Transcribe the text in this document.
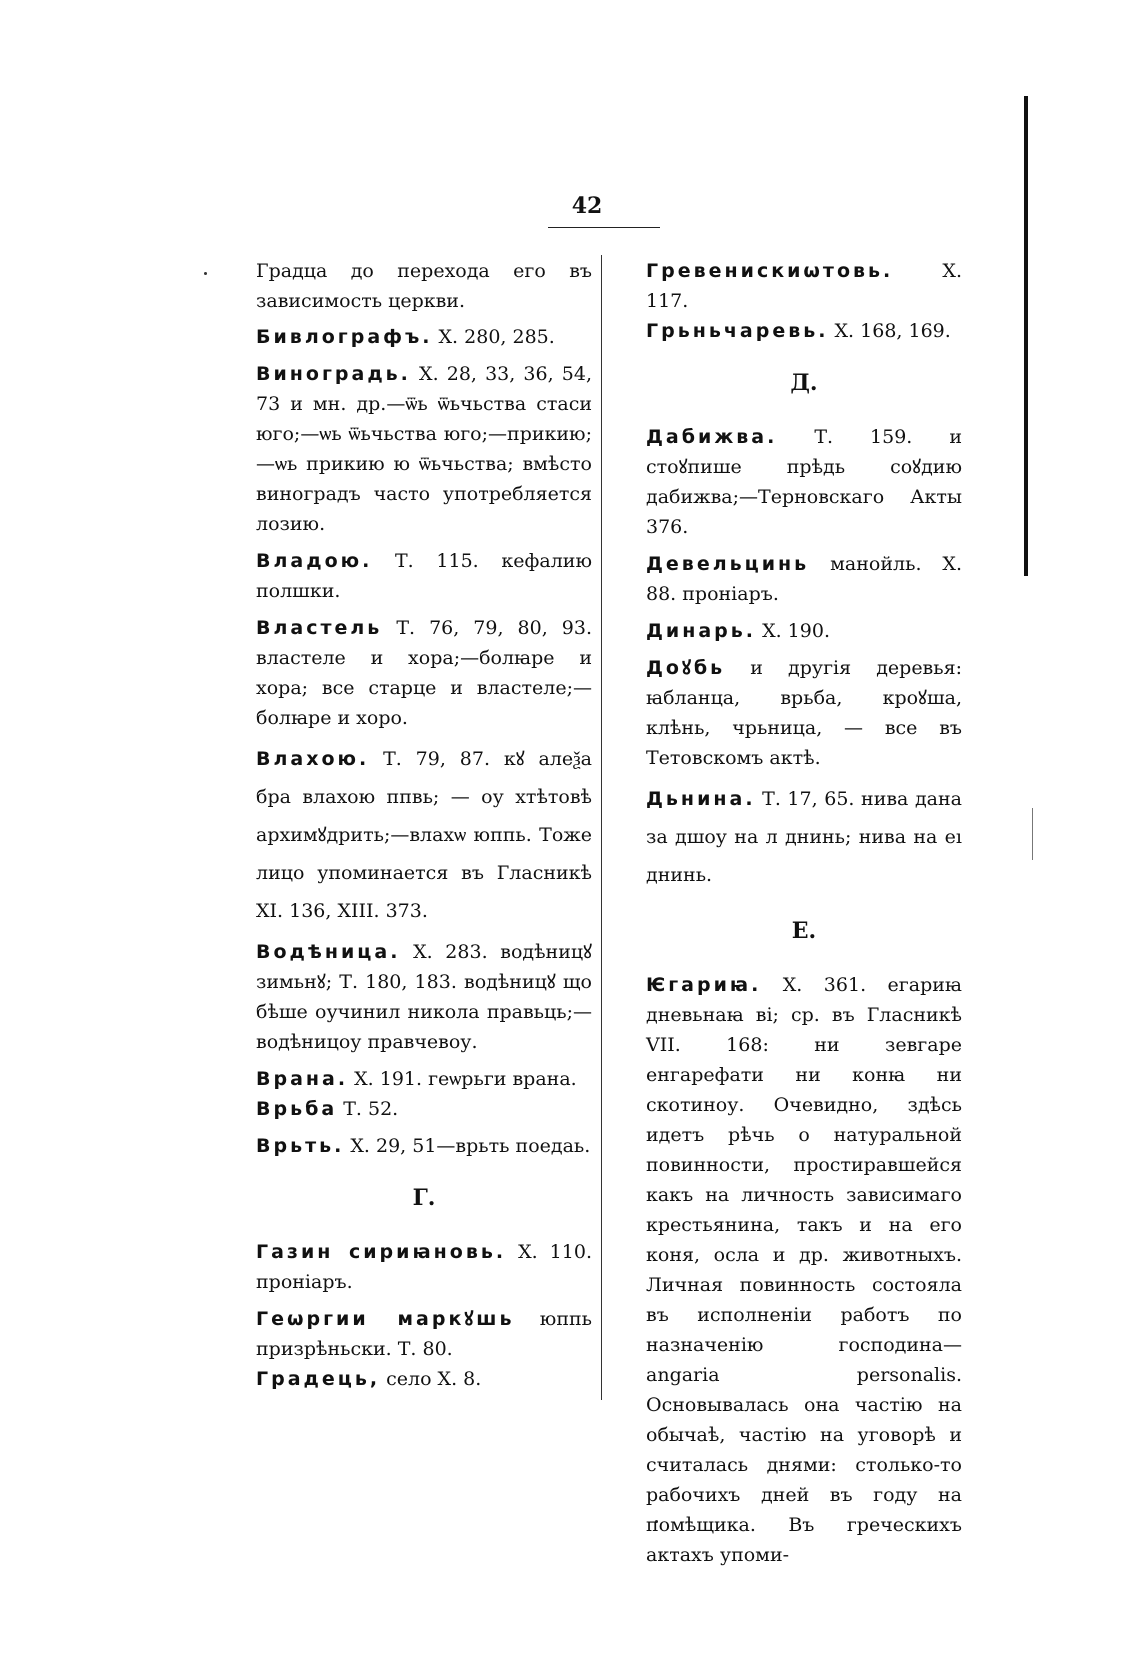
42

Градца до перехода его въ зависимость церкви.

Бивлографъ. X. 280, 285.

Виноградь. X. 28, 33, 36, 54, 73 и мн. др.—ѿь ѿьчьства стаси юго;—ѡь ѿьчьства юго;—прикию;—ѡь прикию ю ѿьчьства; вмѣсто виноградъ часто употребляется лозию.

Владою. Т. 115. кефалию полшки.

Властель Т. 76, 79, 80, 93. властеле и хора;—болꙗре и хора; все старце и властеле;—болꙗре и хоро.

Влахою. Т. 79, 87. кꙋ алеѯа бра влахою ппвь; — оу хтѣтовѣ архимꙋдрить;—влахѡ юппь. Тоже лицо упоминается въ Гласникѣ XI. 136, XIII. 373.

Водѣница. X. 283. водѣницꙋ зимьнꙋ; Т. 180, 183. водѣницꙋ що бѣше оучинил николa правьць;—водѣницоу правчевоу.

Врана. X. 191. геѡрьги врана.

Врьба Т. 52.

Врьть. X. 29, 51—врьть поедаь.

Г.

Газин сириꙗновь. X. 110. проніаръ.

Геѡргии маркꙋшь юппь призрѣньски. Т. 80.

Градець, село X. 8.

Гревенискиѡтовь.	X. 117.

Грьньчаревь. X. 168, 169.

Д.

Дабижва. Т. 159. и стоꙋпише прѣдь соꙋдию дабижва;—Терновскаго Акты 376.

Девельцинь манойль. X. 88. проніаръ.

Динарь. X. 190.

Доꙋбь и другія деревья: ꙗбланца, врьба, кроꙋша, клѣнь, чрьница, — все въ Тетовскомъ актѣ.

Дьнина. Т. 17, 65. нива дана за дшоу на л днинь; нива на еı днинь.

Е.

Ѥгариꙗ. X. 361. егариꙗ дневьнаꙗ ві; ср. въ Гласникѣ VII. 168: ни зевгаре енгарефати ни конꙗ ни скотиноу. Очевидно, здѣсь идетъ рѣчь о натуральной повинности, простиравшейся какъ на личность зависимаго крестьянина, такъ и на его коня, осла и др. животныхъ. Личная повинность состояла въ исполненіи работъ по назначенію господина—angaria personalis. Основывалась она частію на обычаѣ, частію на уговорѣ и считалась днями: столько-то рабочихъ дней въ году на помѣщика. Въ греческихъ актахъ упоми-
